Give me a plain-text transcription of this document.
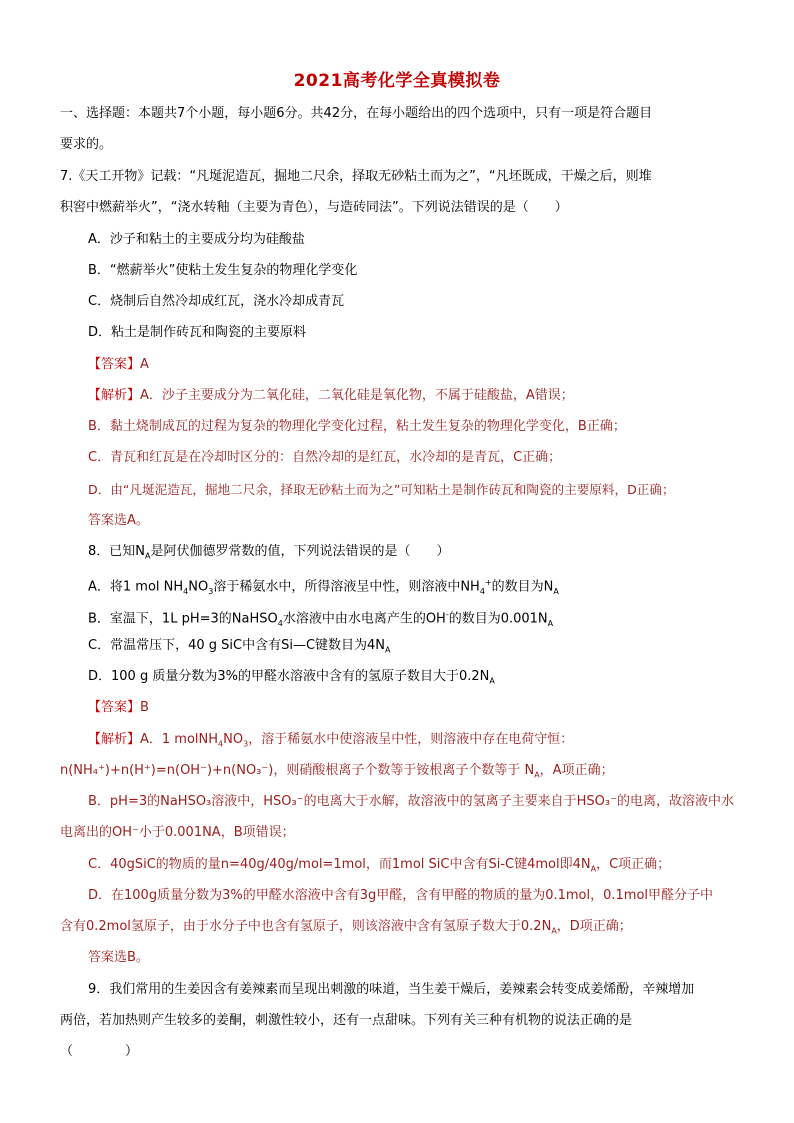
2021高考化学全真模拟卷
一、选择题：本题共7个小题，每小题6分。共42分，在每小题给出的四个选项中，只有一项是符合题目
要求的。
7.《天工开物》记载：“凡埏泥造瓦，掘地二尺余，择取无砂粘土而为之”，“凡坯既成，干燥之后，则堆
积窖中燃薪举火”，“浇水转釉（主要为青色），与造砖同法”。下列说法错误的是（　　）
A．沙子和粘土的主要成分均为硅酸盐
B．“燃薪举火”使粘土发生复杂的物理化学变化
C．烧制后自然冷却成红瓦，浇水冷却成青瓦
D．粘土是制作砖瓦和陶瓷的主要原料
【答案】A
【解析】A．沙子主要成分为二氧化硅，二氧化硅是氧化物，不属于硅酸盐，A错误；
B．黏土烧制成瓦的过程为复杂的物理化学变化过程，粘土发生复杂的物理化学变化，B正确；
C．青瓦和红瓦是在冷却时区分的：自然冷却的是红瓦，水冷却的是青瓦，C正确；
D．由“凡埏泥造瓦，掘地二尺余，择取无砂粘土而为之”可知粘土是制作砖瓦和陶瓷的主要原料，D正确；
答案选A。
8．已知$N_A$是阿伏伽德罗常数的值，下列说法错误的是（　　）
A．将1 mol $NH_4NO_3$溶于稀氨水中，所得溶液呈中性，则溶液中$NH_4^+$的数目为$N_A$
B．室温下，1L pH=3的NaHSO$_4$水溶液中由水电离产生的OH-的数目为$0.001N_A$
C．常温常压下，40 g SiC中含有Si—C键数目为$4N_A$
D．100 g 质量分数为3%的甲醛水溶液中含有的氢原子数目大于$0.2N_A$
【答案】B
【解析】A．1 $molNH_4NO_3$，溶于稀氨水中使溶液呈中性，则溶液中存在电荷守恒：
n(NH₄⁺)+n(H⁺)=n(OH⁻)+n(NO₃⁻)，则硝酸根离子个数等于铵根离子个数等于 $N_A$，A项正确；
B．pH=3的NaHSO₃溶液中，HSO₃⁻的电离大于水解，故溶液中的氢离子主要来自于HSO₃⁻的电离，故溶液中水
电离出的OH⁻小于0.001NA，B项错误；
C．40gSiC的物质的量n=40g/40g/mol=1mol，而1mol SiC中含有Si-C键4mol即$4N_A$，C项正确；
D．在100g质量分数为3%的甲醛水溶液中含有3g甲醛，含有甲醛的物质的量为0.1mol，0.1mol甲醛分子中
含有0.2mol氢原子，由于水分子中也含有氢原子，则该溶液中含有氢原子数大于$0.2N_A$，D项正确；
答案选B。
9．我们常用的生姜因含有姜辣素而呈现出刺激的味道，当生姜干燥后，姜辣素会转变成姜烯酚，辛辣增加
两倍，若加热则产生较多的姜酮，刺激性较小，还有一点甜味。下列有关三种有机物的说法正确的是
（　　　　）
